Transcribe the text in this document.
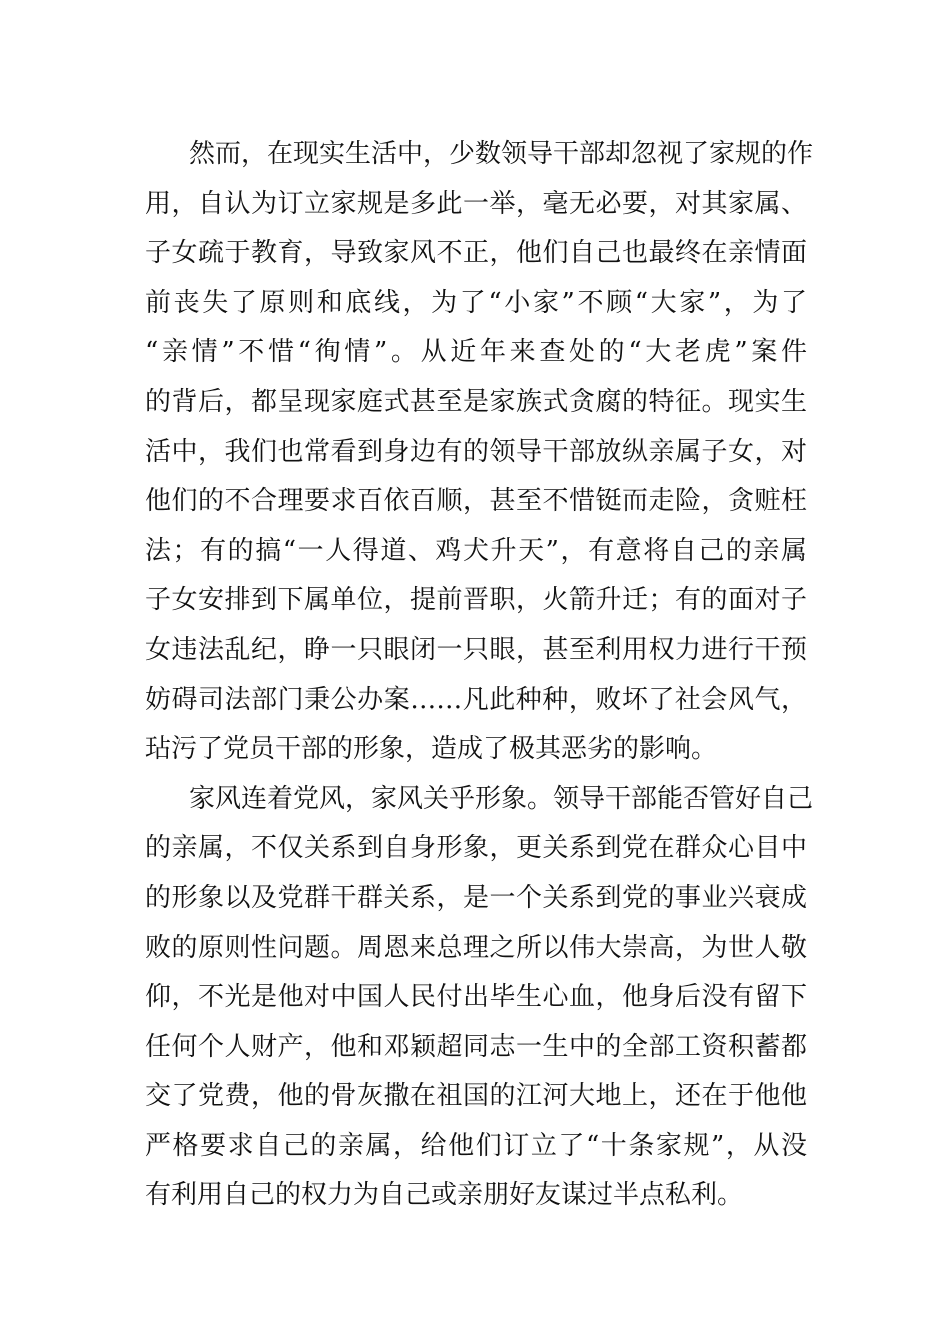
然而，在现实生活中，少数领导干部却忽视了家规的作
用，自认为订立家规是多此一举，毫无必要，对其家属、
子女疏于教育，导致家风不正，他们自己也最终在亲情面
前丧失了原则和底线，为了“小家”不顾“大家”，为了
“亲情”不惜“徇情”。从近年来查处的“大老虎”案件
的背后，都呈现家庭式甚至是家族式贪腐的特征。现实生
活中，我们也常看到身边有的领导干部放纵亲属子女，对
他们的不合理要求百依百顺，甚至不惜铤而走险，贪赃枉
法；有的搞“一人得道、鸡犬升天”，有意将自己的亲属
子女安排到下属单位，提前晋职，火箭升迁；有的面对子
女违法乱纪，睁一只眼闭一只眼，甚至利用权力进行干预
妨碍司法部门秉公办案……凡此种种，败坏了社会风气，
玷污了党员干部的形象，造成了极其恶劣的影响。
家风连着党风，家风关乎形象。领导干部能否管好自己
的亲属，不仅关系到自身形象，更关系到党在群众心目中
的形象以及党群干群关系，是一个关系到党的事业兴衰成
败的原则性问题。周恩来总理之所以伟大崇高，为世人敬
仰，不光是他对中国人民付出毕生心血，他身后没有留下
任何个人财产，他和邓颖超同志一生中的全部工资积蓄都
交了党费，他的骨灰撒在祖国的江河大地上，还在于他他
严格要求自己的亲属，给他们订立了“十条家规”，从没
有利用自己的权力为自己或亲朋好友谋过半点私利。
